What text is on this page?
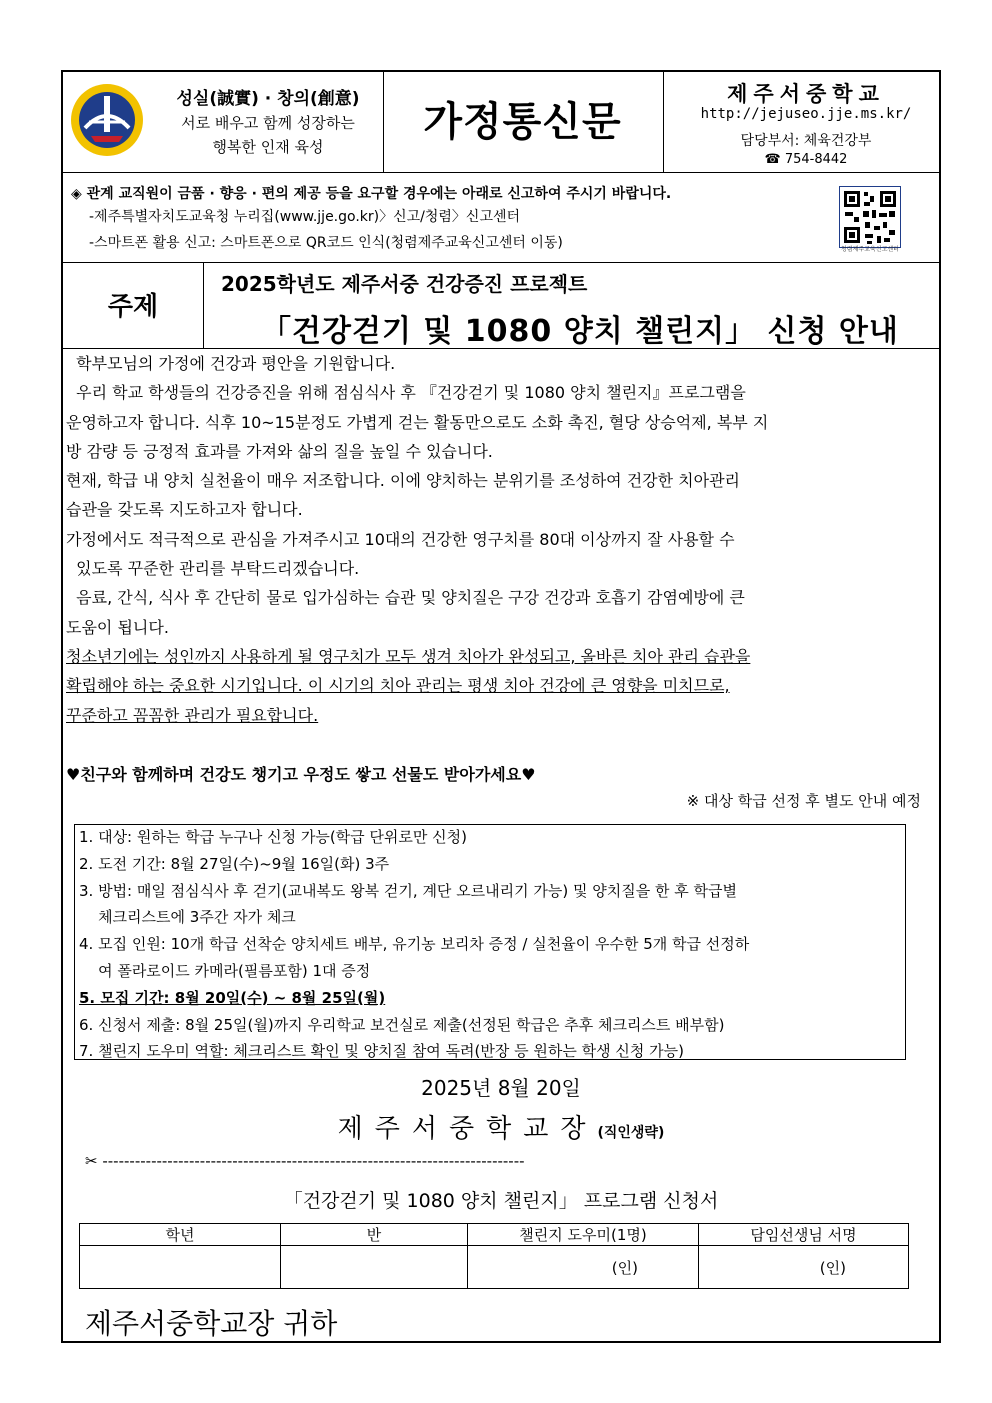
성실(誠實) · 창의(創意)
서로 배우고 함께 성장하는
행복한 인재 육성
가정통신문
제주서중학교
http://jejuseo.jje.ms.kr/
담당부서: 체육건강부
☎ 754-8442
◈ 관계 교직원이 금품 · 향응 · 편의 제공 등을 요구할 경우에는 아래로 신고하여 주시기 바랍니다.
-제주특별자치도교육청 누리집(www.jje.go.kr)〉신고/청렴〉신고센터
-스마트폰 활용 신고: 스마트폰으로 QR코드 인식(청렴제주교육신고센터 이동)	청렴제주교육신고센터
주제
2025학년도 제주서중 건강증진 프로젝트
「건강걷기 및 1080 양치 챌린지」 신청 안내

학부모님의 가정에 건강과 평안을 기원합니다.

우리 학교 학생들의 건강증진을 위해 점심식사 후 『건강걷기 및 1080 양치 챌린지』프로그램을

운영하고자 합니다. 식후 10~15분정도 가볍게 걷는 활동만으로도 소화 촉진, 혈당 상승억제, 복부 지

방 감량 등 긍정적 효과를 가져와 삶의 질을 높일 수 있습니다.

현재, 학급 내 양치 실천율이 매우 저조합니다. 이에 양치하는 분위기를 조성하여 건강한 치아관리

습관을 갖도록 지도하고자 합니다.

가정에서도 적극적으로 관심을 가져주시고 10대의 건강한 영구치를 80대 이상까지 잘 사용할 수

있도록 꾸준한 관리를 부탁드리겠습니다.

음료, 간식, 식사 후 간단히 물로 입가심하는 습관 및 양치질은 구강 건강과 호흡기 감염예방에 큰

도움이 됩니다.

청소년기에는 성인까지 사용하게 될 영구치가 모두 생겨 치아가 완성되고, 올바른 치아 관리 습관을

확립해야 하는 중요한 시기입니다. 이 시기의 치아 관리는 평생 치아 건강에 큰 영향을 미치므로,

꾸준하고 꼼꼼한 관리가 필요합니다.

♥친구와 함께하며 건강도 챙기고 우정도 쌓고 선물도 받아가세요♥
※ 대상 학급 선정 후 별도 안내 예정

1. 대상: 원하는 학급 누구나 신청 가능(학급 단위로만 신청)

2. 도전 기간: 8월 27일(수)~9월 16일(화) 3주

3. 방법: 매일 점심식사 후 걷기(교내복도 왕복 걷기, 계단 오르내리기 가능) 및 양치질을 한 후 학급별

체크리스트에 3주간 자가 체크

4. 모집 인원: 10개 학급 선착순 양치세트 배부, 유기농 보리차 증정 / 실천율이 우수한 5개 학급 선정하

여 폴라로이드 카메라(필름포함) 1대 증정

5. 모집 기간: 8월 20일(수) ~ 8월 25일(월)

6. 신청서 제출: 8월 25일(월)까지 우리학교 보건실로 제출(선정된 학급은 추후 체크리스트 배부함)

7. 챌린지 도우미 역할: 체크리스트 확인 및 양치질 참여 독려(반장 등 원하는 학생 신청 가능)

2025년 8월 20일
제주서중학교장(직인생략)
✂ ------------------------------------------------------------------------------
「건강걷기 및 1080 양치 챌린지」 프로그램 신청서
학년	반	챌린지 도우미(1명)	담임선생님 서명
		(인)	(인)
제주서중학교장 귀하
